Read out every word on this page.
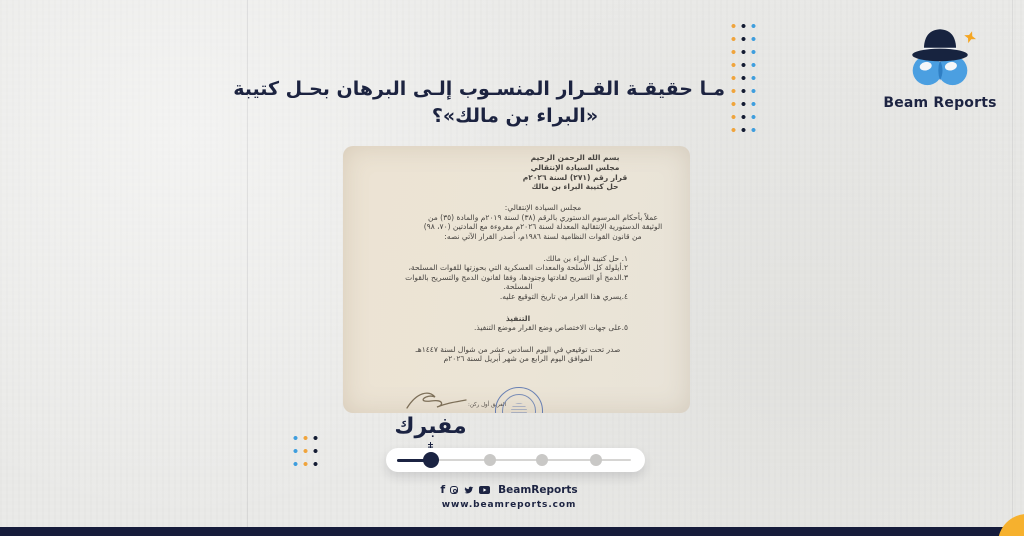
Beam Reports
مـا حقيقـة القـرار المنسـوب إلـى البرهان بحـل كتيبة
«البراء بن مالك»؟
بسم الله الرحمن الرحيم
مجلس السيادة الإنتقالي
قرار رقم (٢٧١) لسنة ٢٠٢٦م
حل كتيبة البراء بن مالك
مجلس السيادة الإنتقالي:
عملاً بأحكام المرسوم الدستوري بالرقم (٣٨) لسنة ٢٠١٩م والمادة (٣٥) من
الوثيقة الدستورية الإنتقالية المعدلة لسنة ٢٠٢٦م مقروءة مع المادتين (٧٠، ٩٨)
من قانون القوات النظامية لسنة ١٩٨٦م، أصدر القرار الآتي نصه:
١. حل كتيبة البراء بن مالك.
٢.أيلولة كل الأسلحة والمعدات العسكرية التي بحوزتها للقوات المسلحة،
٣.الدمج أو التسريح لقادتها وجنودها، وفقا لقانون الدمج والتسريح بالقوات
المسلحة.
٤.يسري هذا القرار من تاريخ التوقيع عليه.
التنفيذ
٥.على جهات الاختصاص وضع القرار موضع التنفيذ.
صدر تحت توقيعي في اليوم السادس عشر من شوال لسنة ١٤٤٧هـ
الموافق اليوم الرابع من شهر أبريل لسنة ٢٠٢٦م
الفريق أول ركن:
مفبرك
f	BeamReports
www.beamreports.com
